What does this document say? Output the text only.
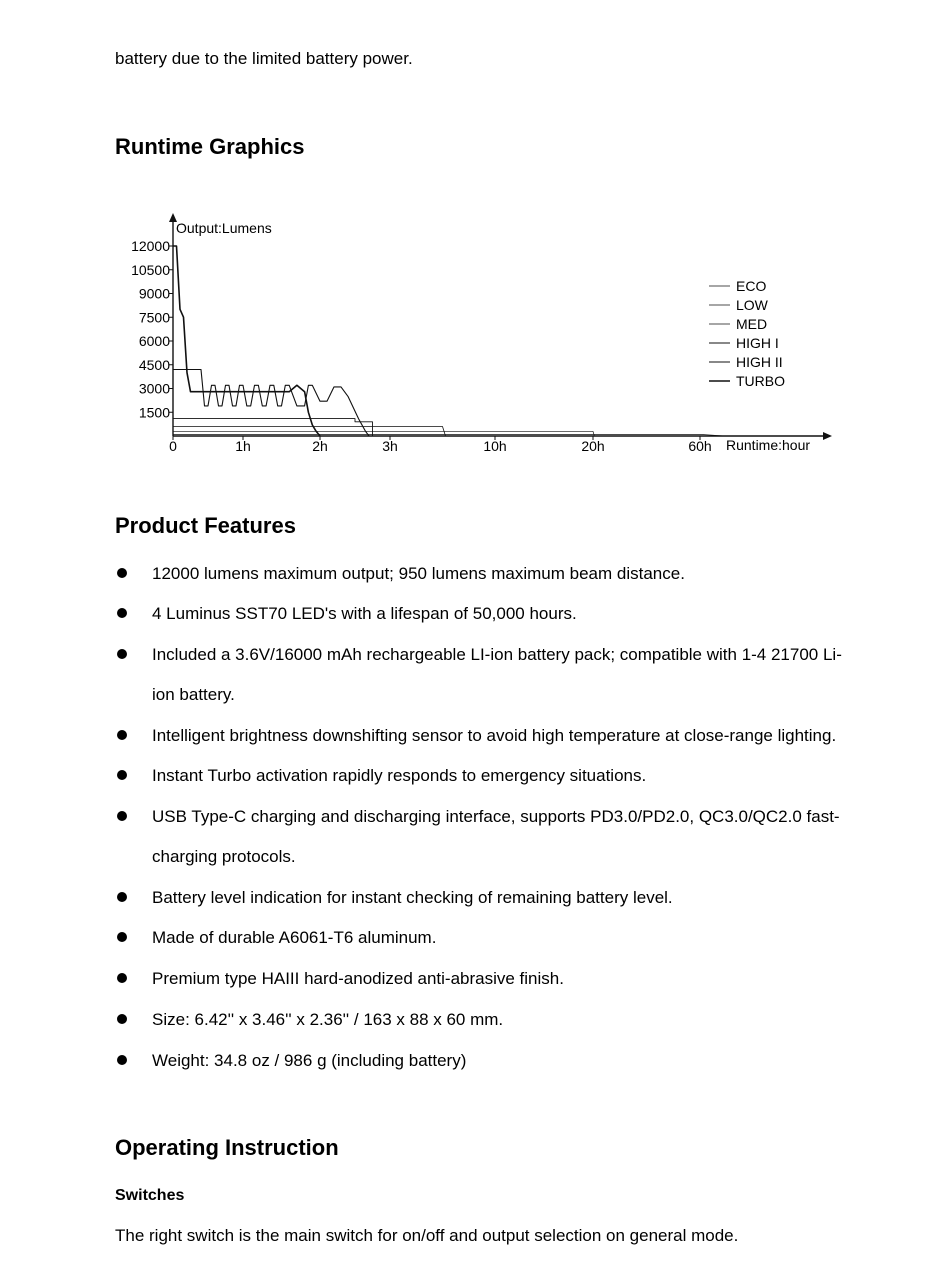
battery due to the limited battery power.
Runtime Graphics
12000
10500
9000
7500
6000
4500
3000
1500
0	1h	2h	3h	10h	20h	60h
ECO
LOW
MED
HIGH I
HIGH II
TURBO
Output:Lumens
Runtime:hour
Product Features
12000 lumens maximum output; 950 lumens maximum beam distance.
4 Luminus SST70 LED's with a lifespan of 50,000 hours.
Included a 3.6V/16000 mAh rechargeable LI-ion battery pack; compatible with 1-4 21700 Li-
ion battery.
Intelligent brightness downshifting sensor to avoid high temperature at close-range lighting.
Instant Turbo activation rapidly responds to emergency situations.
USB Type-C charging and discharging interface, supports PD3.0/PD2.0, QC3.0/QC2.0 fast-
charging protocols.
Battery level indication for instant checking of remaining battery level.
Made of durable A6061-T6 aluminum.
Premium type HAIII hard-anodized anti-abrasive finish.
Size: 6.42'' x 3.46'' x 2.36'' / 163 x 88 x 60 mm.
Weight: 34.8 oz / 986 g (including battery)
Operating Instruction
Switches
The right switch is the main switch for on/off and output selection on general mode.
